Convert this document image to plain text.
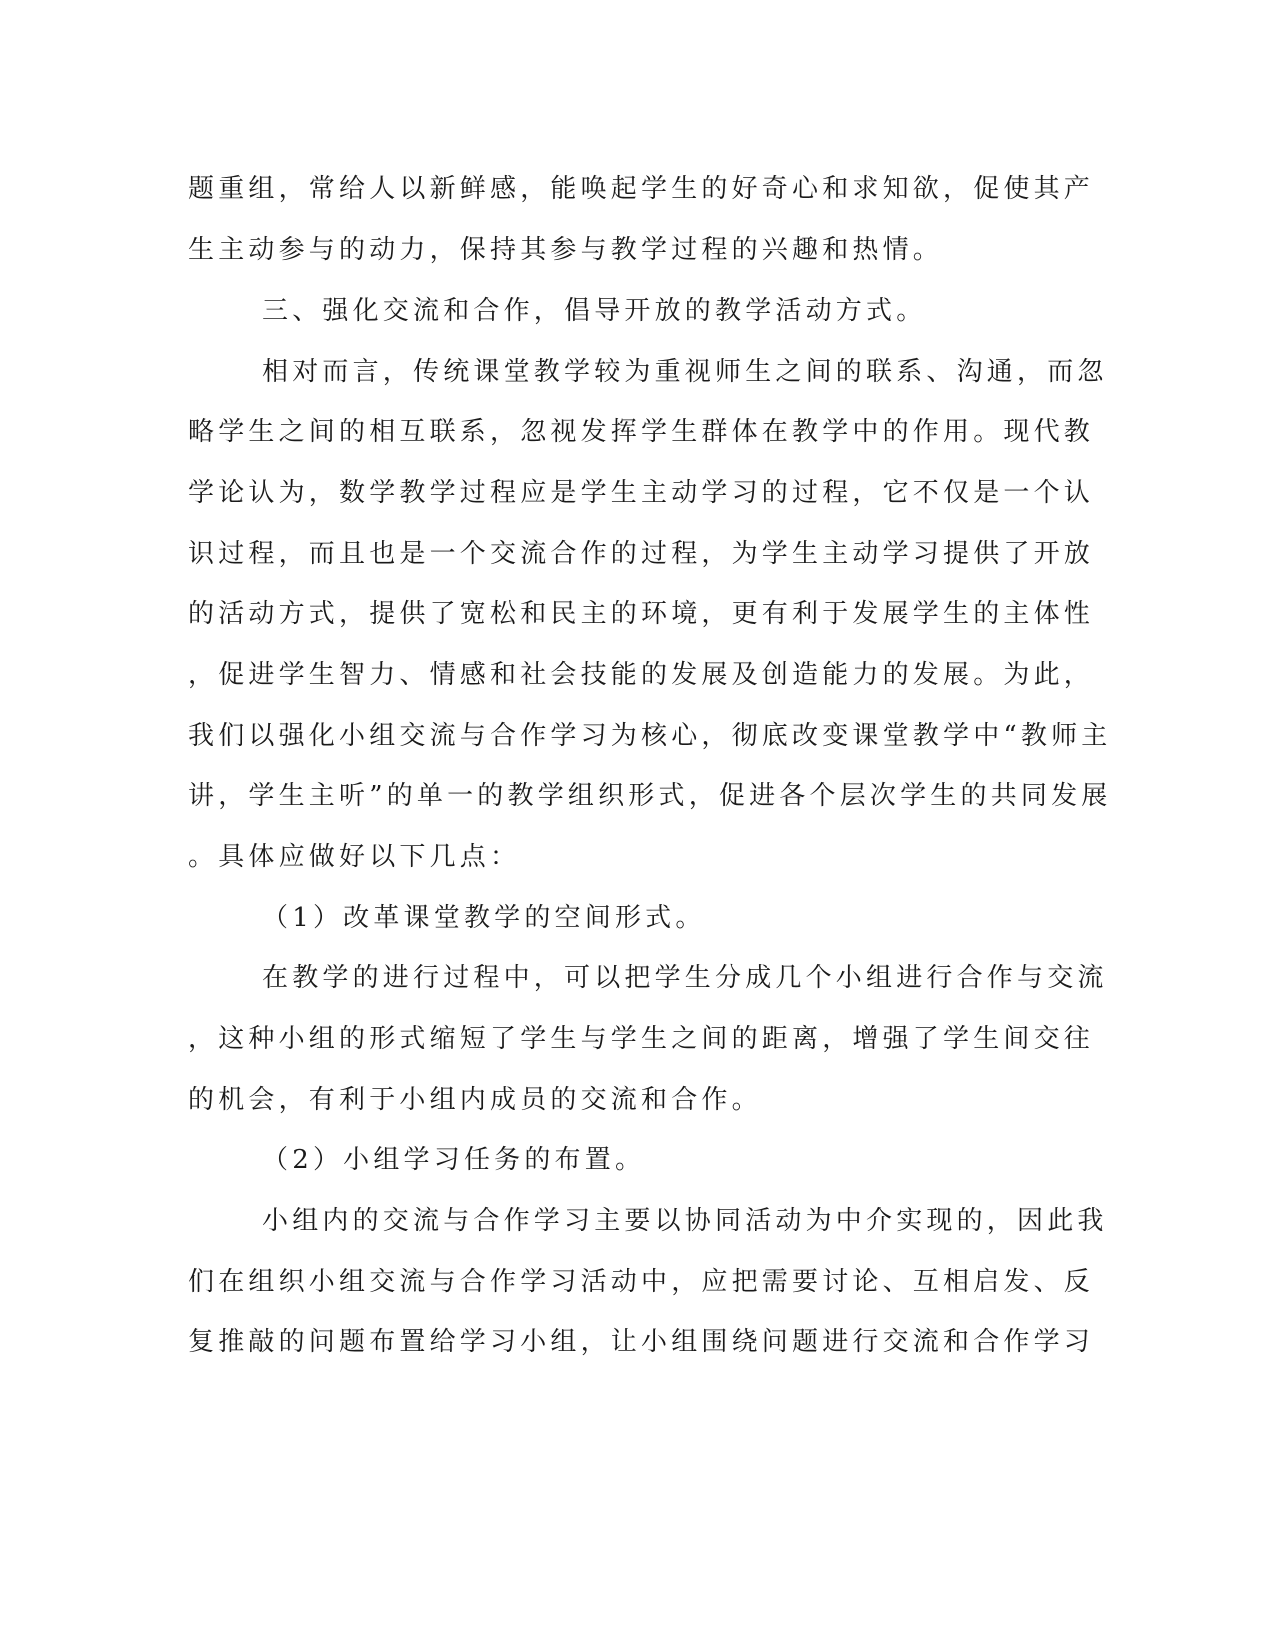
题重组，常给人以新鲜感，能唤起学生的好奇心和求知欲，促使其产
生主动参与的动力，保持其参与教学过程的兴趣和热情。
三、强化交流和合作，倡导开放的教学活动方式。
相对而言，传统课堂教学较为重视师生之间的联系、沟通，而忽
略学生之间的相互联系，忽视发挥学生群体在教学中的作用。现代教
学论认为，数学教学过程应是学生主动学习的过程，它不仅是一个认
识过程，而且也是一个交流合作的过程，为学生主动学习提供了开放
的活动方式，提供了宽松和民主的环境，更有利于发展学生的主体性
，促进学生智力、情感和社会技能的发展及创造能力的发展。为此，
我们以强化小组交流与合作学习为核心，彻底改变课堂教学中“教师主
讲，学生主听”的单一的教学组织形式，促进各个层次学生的共同发展
。具体应做好以下几点：
（1）改革课堂教学的空间形式。
在教学的进行过程中，可以把学生分成几个小组进行合作与交流
，这种小组的形式缩短了学生与学生之间的距离，增强了学生间交往
的机会，有利于小组内成员的交流和合作。
（2）小组学习任务的布置。
小组内的交流与合作学习主要以协同活动为中介实现的，因此我
们在组织小组交流与合作学习活动中，应把需要讨论、互相启发、反
复推敲的问题布置给学习小组，让小组围绕问题进行交流和合作学习
